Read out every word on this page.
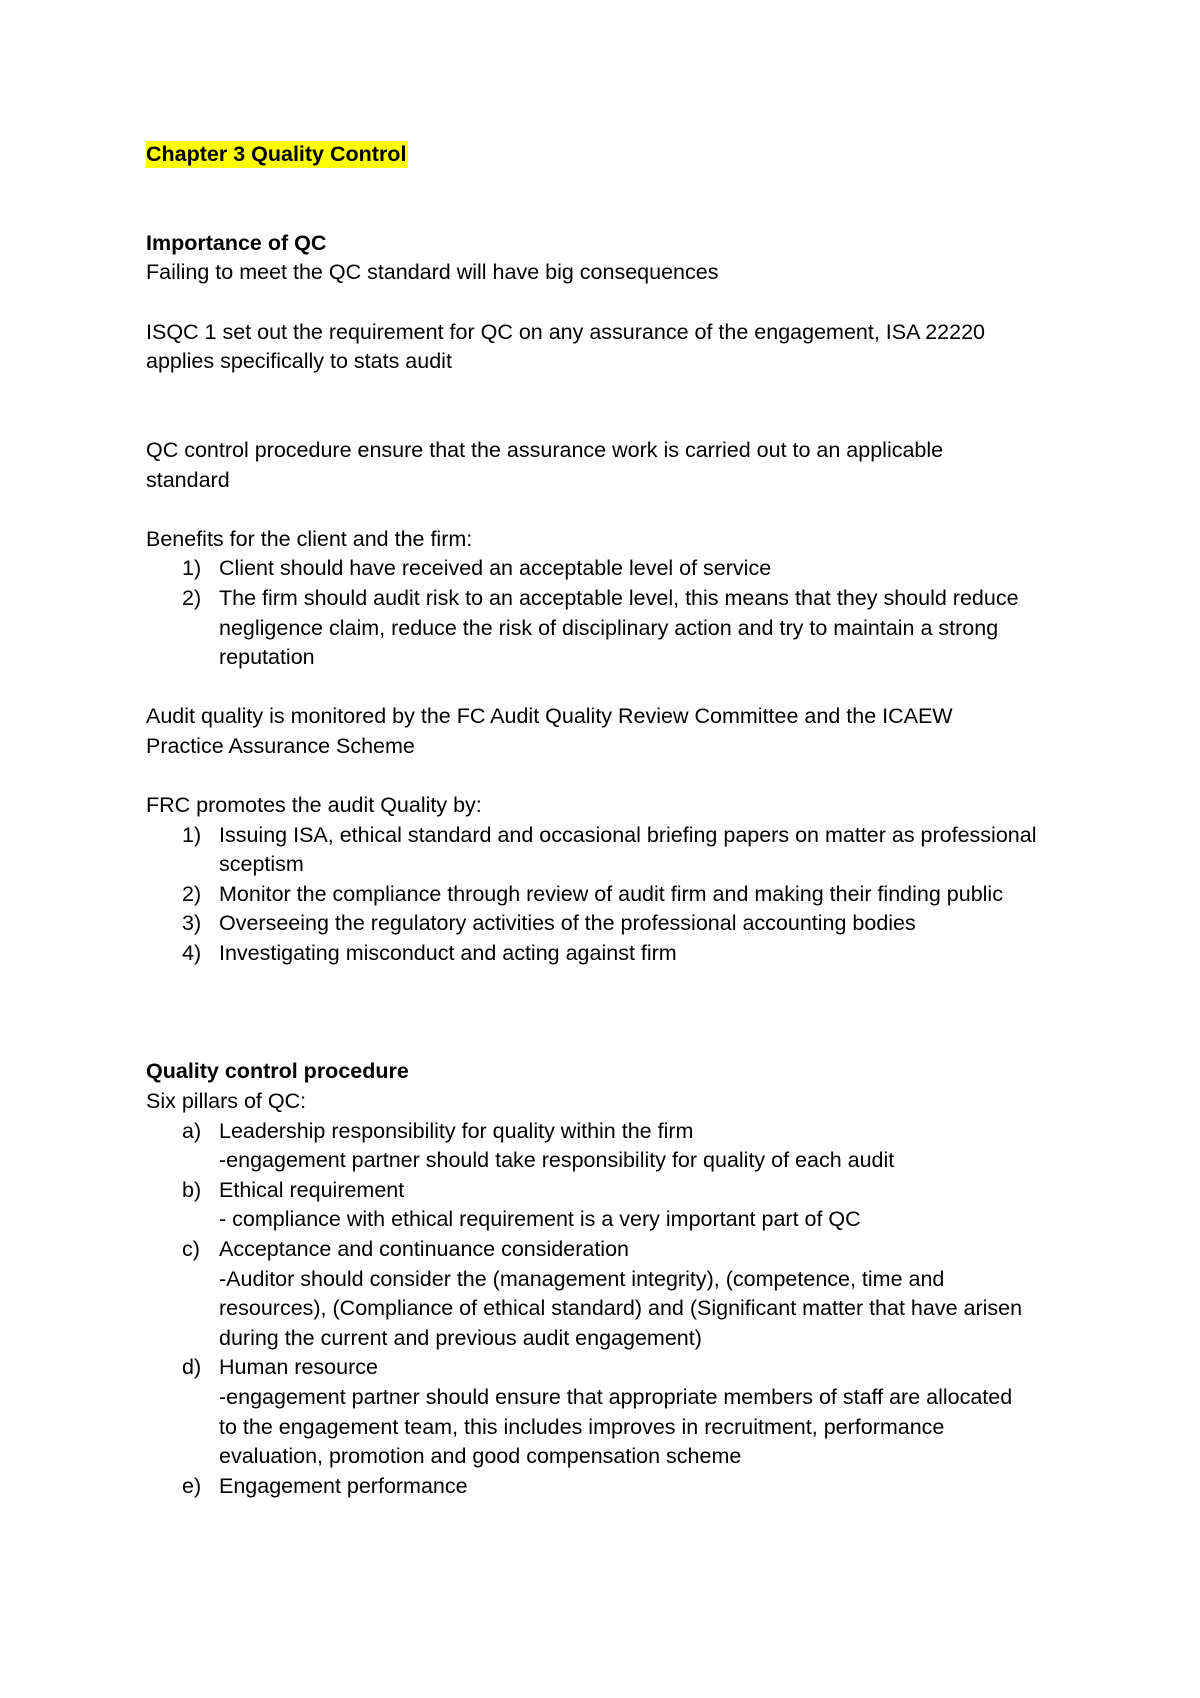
Chapter 3 Quality Control
Importance of QC
Failing to meet the QC standard will have big consequences
ISQC 1 set out the requirement for QC on any assurance of the engagement, ISA 22220
applies specifically to stats audit
QC control procedure ensure that the assurance work is carried out to an applicable
standard
Benefits for the client and the firm:
1) Client should have received an acceptable level of service
2) The firm should audit risk to an acceptable level, this means that they should reduce
negligence claim, reduce the risk of disciplinary action and try to maintain a strong
reputation
Audit quality is monitored by the FC Audit Quality Review Committee and the ICAEW
Practice Assurance Scheme
FRC promotes the audit Quality by:
1) Issuing ISA, ethical standard and occasional briefing papers on matter as professional
sceptism
2) Monitor the compliance through review of audit firm and making their finding public
3) Overseeing the regulatory activities of the professional accounting bodies
4) Investigating misconduct and acting against firm
Quality control procedure
Six pillars of QC:
a) Leadership responsibility for quality within the firm
-engagement partner should take responsibility for quality of each audit
b) Ethical requirement
- compliance with ethical requirement is a very important part of QC
c) Acceptance and continuance consideration
-Auditor should consider the (management integrity), (competence, time and
resources), (Compliance of ethical standard) and (Significant matter that have arisen
during the current and previous audit engagement)
d) Human resource
-engagement partner should ensure that appropriate members of staff are allocated
to the engagement team, this includes improves in recruitment, performance
evaluation, promotion and good compensation scheme
e) Engagement performance
